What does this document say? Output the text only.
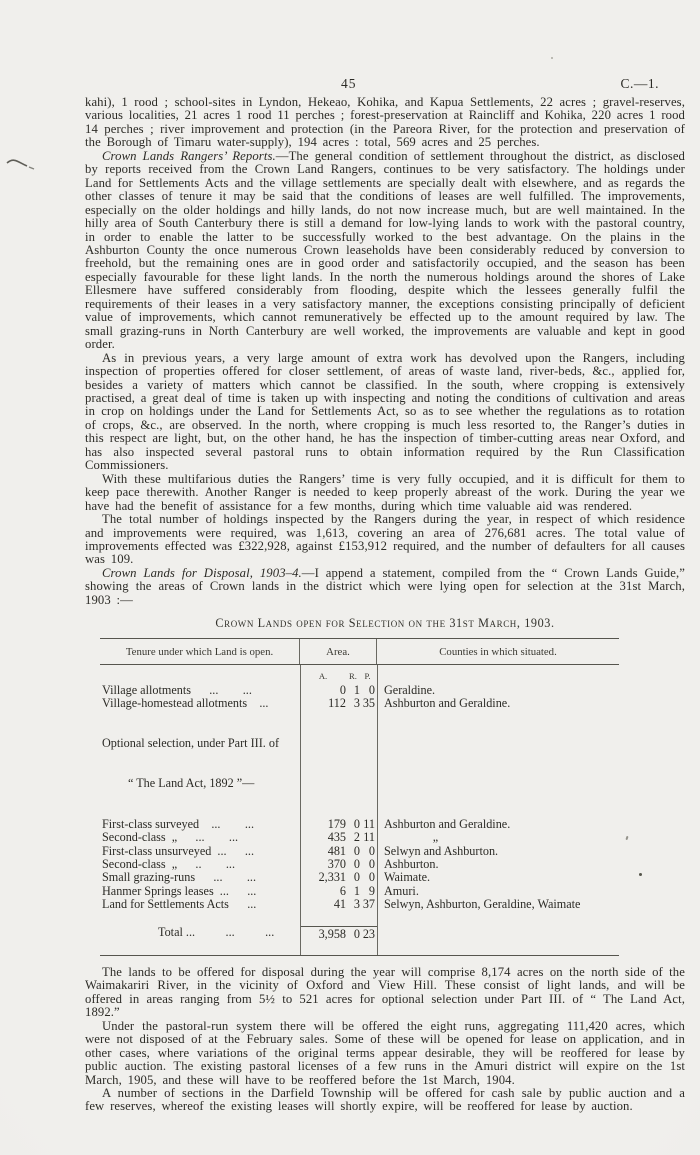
45	C.—1.

kahi), 1 rood ; school-sites in Lyndon, Hekeao, Kohika, and Kapua Settlements, 22 acres ; gravel-reserves, various localities, 21 acres 1 rood 11 perches ; forest-preservation at Raincliff and Kohika, 220 acres 1 rood 14 perches ; river improvement and protection (in the Pareora River, for the protection and preservation of the Borough of Timaru water-supply), 194 acres : total, 569 acres and 25 perches.

Crown Lands Rangers’ Reports.—The general condition of settlement throughout the district, as disclosed by reports received from the Crown Land Rangers, continues to be very satisfactory. The holdings under Land for Settlements Acts and the village settlements are specially dealt with elsewhere, and as regards the other classes of tenure it may be said that the conditions of leases are well fulfilled. The improvements, especially on the older holdings and hilly lands, do not now increase much, but are well maintained. In the hilly area of South Canterbury there is still a demand for low-lying lands to work with the pastoral country, in order to enable the latter to be successfully worked to the best advantage. On the plains in the Ashburton County the once numerous Crown leaseholds have been considerably reduced by conversion to freehold, but the remaining ones are in good order and satisfactorily occupied, and the season has been especially favourable for these light lands. In the north the numerous holdings around the shores of Lake Ellesmere have suffered considerably from flooding, despite which the lessees generally fulfil the requirements of their leases in a very satisfactory manner, the exceptions consisting principally of deficient value of improvements, which cannot remuneratively be effected up to the amount required by law. The small grazing-runs in North Canterbury are well worked, the improvements are valuable and kept in good order.

As in previous years, a very large amount of extra work has devolved upon the Rangers, including inspection of properties offered for closer settlement, of areas of waste land, river-beds, &c., applied for, besides a variety of matters which cannot be classified. In the south, where cropping is extensively practised, a great deal of time is taken up with inspecting and noting the conditions of cultivation and areas in crop on holdings under the Land for Settlements Act, so as to see whether the regulations as to rotation of crops, &c., are observed. In the north, where cropping is much less resorted to, the Ranger’s duties in this respect are light, but, on the other hand, he has the inspection of timber-cutting areas near Oxford, and has also inspected several pastoral runs to obtain information required by the Run Classification Commissioners.

With these multifarious duties the Rangers’ time is very fully occupied, and it is difficult for them to keep pace therewith. Another Ranger is needed to keep properly abreast of the work. During the year we have had the benefit of assistance for a few months, during which time valuable aid was rendered.

The total number of holdings inspected by the Rangers during the year, in respect of which residence and improvements were required, was 1,613, covering an area of 276,681 acres. The total value of improvements effected was £322,928, against £153,912 required, and the number of defaulters for all causes was 109.

Crown Lands for Disposal, 1903–4.—I append a statement, compiled from the “ Crown Lands Guide,” showing the areas of Crown lands in the district which were lying open for selection at the 31st March, 1903 :—

Crown Lands open for Selection on the 31st March, 1903.

Tenure under which Land is open.	Area.	Counties in which situated.
A.	R. P.
Village allotments  ...  ...	0 1 0 Geraldine.
Village-homestead allotments ...	112 3 35 Ashburton and Geraldine.

Optional selection, under Part III. of

“ The Land Act, 1892 ”—

First-class surveyed ...  ...	179 0 11 Ashburton and Geraldine.
Second-class „  ...  ...	435 2 11     „
First-class unsurveyed ...  ...	481 0 0 Selwyn and Ashburton.
Second-class „  ..  ...	370 0 0 Ashburton.
Small grazing-runs  ...  ...	2,331 0 0 Waimate.
Hanmer Springs leases ...  ...	6 1 9 Amuri.
Land for Settlements Acts  ...	41 3 37 Selwyn, Ashburton, Geraldine, Waimate
Total ...   ...   ...	3,958 0 23

The lands to be offered for disposal during the year will comprise 8,174 acres on the north side of the Waimakariri River, in the vicinity of Oxford and View Hill. These consist of light lands, and will be offered in areas ranging from 5½ to 521 acres for optional selection under Part III. of “ The Land Act, 1892.”

Under the pastoral-run system there will be offered the eight runs, aggregating 111,420 acres, which were not disposed of at the February sales. Some of these will be opened for lease on application, and in other cases, where variations of the original terms appear desirable, they will be reoffered for lease by public auction. The existing pastoral licenses of a few runs in the Amuri district will expire on the 1st March, 1905, and these will have to be reoffered before the 1st March, 1904.

A number of sections in the Darfield Township will be offered for cash sale by public auction and a few reserves, whereof the existing leases will shortly expire, will be reoffered for lease by auction.
